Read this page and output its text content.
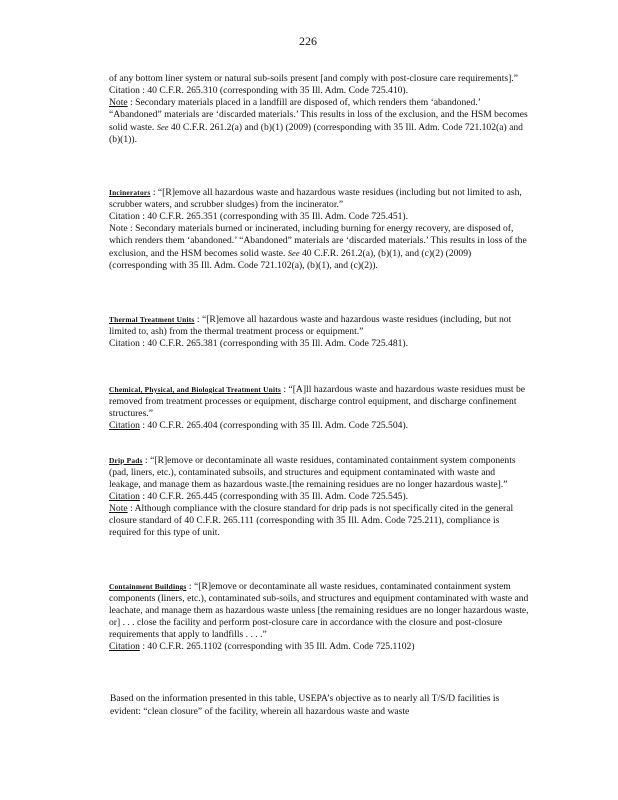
226

of any bottom liner system or natural sub-soils present [and comply with post-closure care requirements].”

Citation : 40 C.F.R. 265.310 (corresponding with 35 Ill. Adm. Code 725.410).

Note : Secondary materials placed in a landfill are disposed of, which renders them ‘abandoned.’ “Abandoned” materials are ‘discarded materials.’ This results in loss of the exclusion, and the HSM becomes solid waste. See 40 C.F.R. 261.2(a) and (b)(1) (2009) (corresponding with 35 Ill. Adm. Code 721.102(a) and (b)(1)).

Incinerators : “[R]emove all hazardous waste and hazardous waste residues (including but not limited to ash, scrubber waters, and scrubber sludges) from the incinerator.”

Citation : 40 C.F.R. 265.351 (corresponding with 35 Ill. Adm. Code 725.451).

Note : Secondary materials burned or incinerated, including burning for energy recovery, are disposed of, which renders them ‘abandoned.’ “Abandoned” materials are ‘discarded materials.’ This results in loss of the exclusion, and the HSM becomes solid waste. See 40 C.F.R. 261.2(a), (b)(1), and (c)(2) (2009) (corresponding with 35 Ill. Adm. Code 721.102(a), (b)(1), and (c)(2)).

Thermal Treatment Units : “[R]emove all hazardous waste and hazardous waste residues (including, but not limited to, ash) from the thermal treatment process or equipment.”

Citation : 40 C.F.R. 265.381 (corresponding with 35 Ill. Adm. Code 725.481).

Chemical, Physical, and Biological Treatment Units : “[A]ll hazardous waste and hazardous waste residues must be removed from treatment processes or equipment, discharge control equipment, and discharge confinement structures.”

Citation : 40 C.F.R. 265.404 (corresponding with 35 Ill. Adm. Code 725.504).

Drip Pads : “[R]emove or decontaminate all waste residues, contaminated containment system components (pad, liners, etc.), contaminated subsoils, and structures and equipment contaminated with waste and leakage, and manage them as hazardous waste.[the remaining residues are no longer hazardous waste].”

Citation : 40 C.F.R. 265.445 (corresponding with 35 Ill. Adm. Code 725.545).

Note : Although compliance with the closure standard for drip pads is not specifically cited in the general closure standard of 40 C.F.R. 265.111 (corresponding with 35 Ill. Adm. Code 725.211), compliance is required for this type of unit.

Containment Buildings : “[R]emove or decontaminate all waste residues, contaminated containment system components (liners, etc.), contaminated sub-soils, and structures and equipment contaminated with waste and leachate, and manage them as hazardous waste unless [the remaining residues are no longer hazardous waste, or] . . . close the facility and perform post-closure care in accordance with the closure and post-closure requirements that apply to landfills . . . .”

Citation : 40 C.F.R. 265.1102 (corresponding with 35 Ill. Adm. Code 725.1102)

Based on the information presented in this table, USEPA’s objective as to nearly all T/S/D facilities is evident: “clean closure” of the facility, wherein all hazardous waste and waste
